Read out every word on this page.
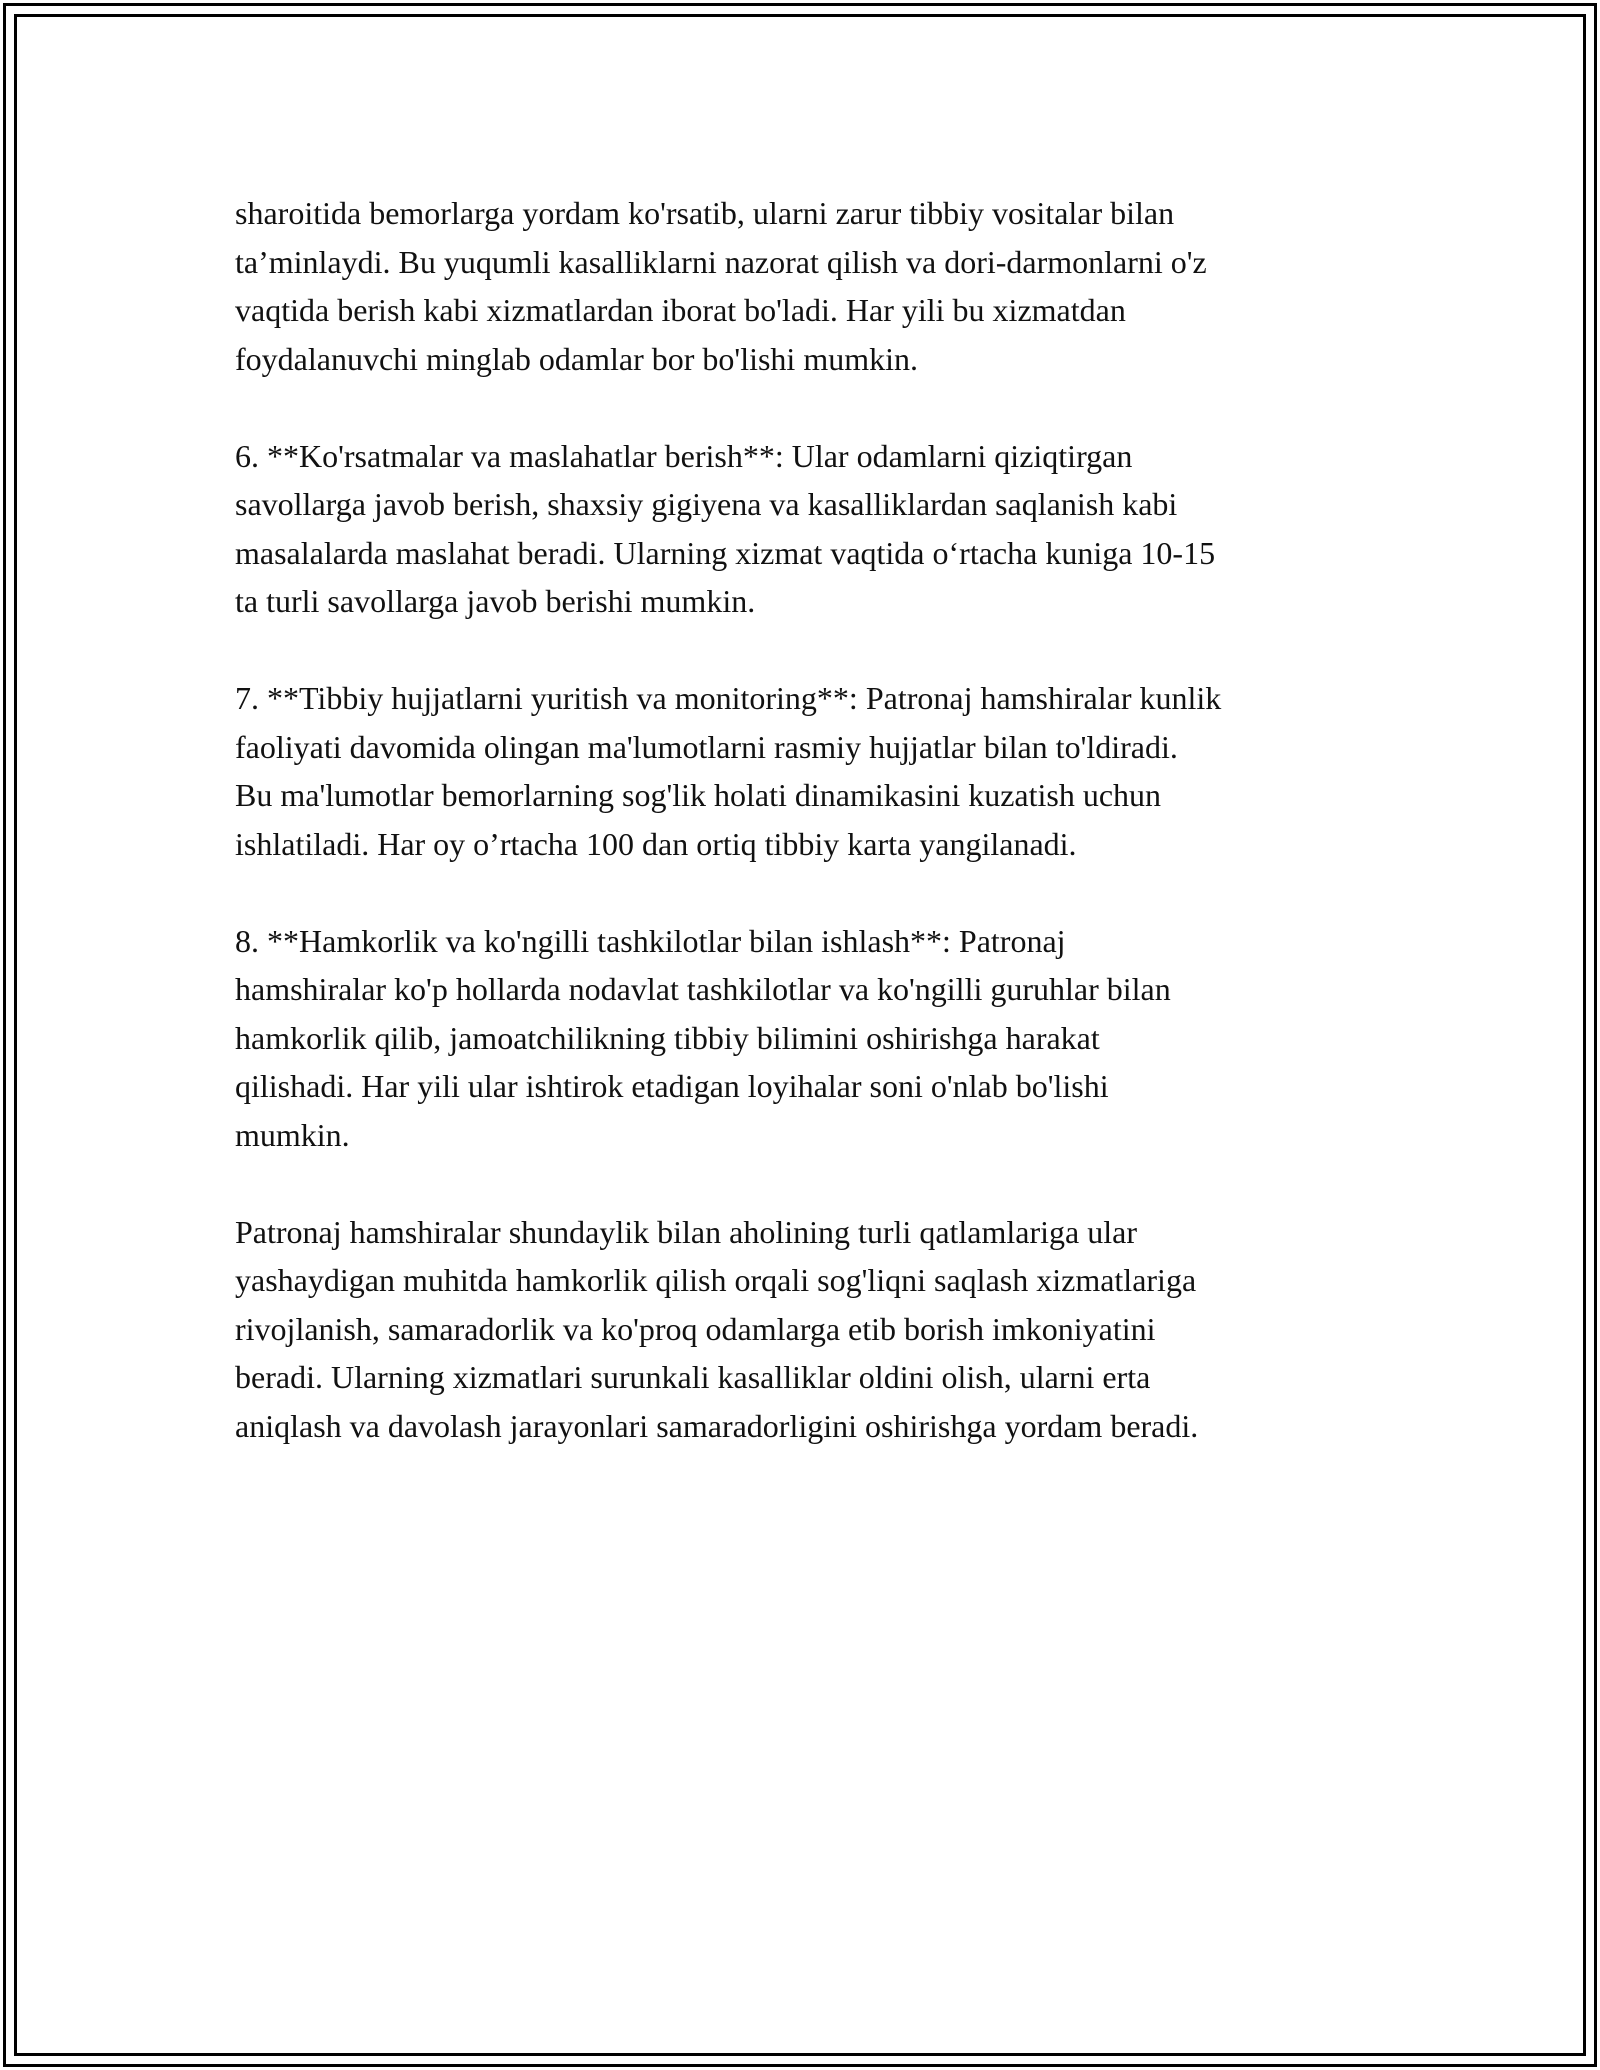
sharoitida bemorlarga yordam ko'rsatib, ularni zarur tibbiy vositalar bilan
ta’minlaydi. Bu yuqumli kasalliklarni nazorat qilish va dori-darmonlarni o'z
vaqtida berish kabi xizmatlardan iborat bo'ladi. Har yili bu xizmatdan
foydalanuvchi minglab odamlar bor bo'lishi mumkin.

6. **Ko'rsatmalar va maslahatlar berish**: Ular odamlarni qiziqtirgan
savollarga javob berish, shaxsiy gigiyena va kasalliklardan saqlanish kabi
masalalarda maslahat beradi. Ularning xizmat vaqtida o‘rtacha kuniga 10-15
ta turli savollarga javob berishi mumkin.

7. **Tibbiy hujjatlarni yuritish va monitoring**: Patronaj hamshiralar kunlik
faoliyati davomida olingan ma'lumotlarni rasmiy hujjatlar bilan to'ldiradi.
Bu ma'lumotlar bemorlarning sog'lik holati dinamikasini kuzatish uchun
ishlatiladi. Har oy o’rtacha 100 dan ortiq tibbiy karta yangilanadi.

8. **Hamkorlik va ko'ngilli tashkilotlar bilan ishlash**: Patronaj
hamshiralar ko'p hollarda nodavlat tashkilotlar va ko'ngilli guruhlar bilan
hamkorlik qilib, jamoatchilikning tibbiy bilimini oshirishga harakat
qilishadi. Har yili ular ishtirok etadigan loyihalar soni o'nlab bo'lishi
mumkin.

Patronaj hamshiralar shundaylik bilan aholining turli qatlamlariga ular
yashaydigan muhitda hamkorlik qilish orqali sog'liqni saqlash xizmatlariga
rivojlanish, samaradorlik va ko'proq odamlarga etib borish imkoniyatini
beradi. Ularning xizmatlari surunkali kasalliklar oldini olish, ularni erta
aniqlash va davolash jarayonlari samaradorligini oshirishga yordam beradi.
